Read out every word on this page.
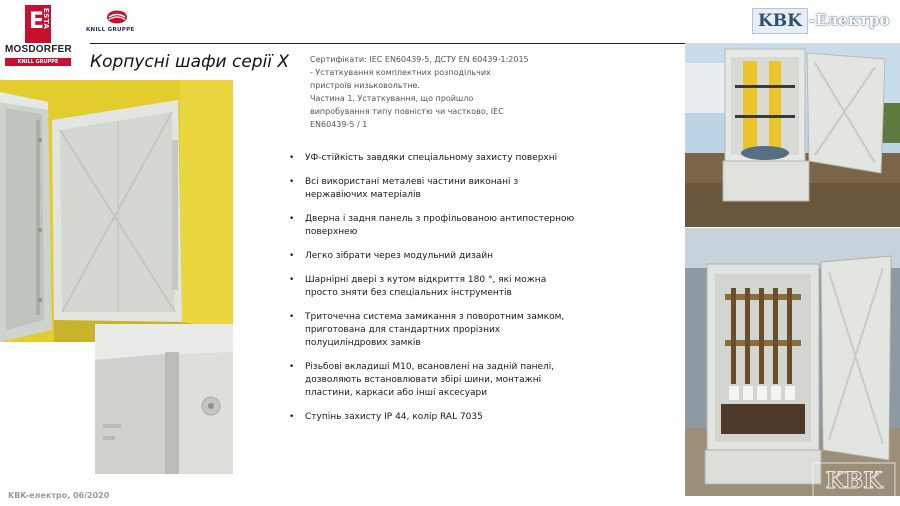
E
ESTA
MOSDORFER
KNILL GRUPPE
KNILL GRUPPE	KBK -Електро
Корпусні шафи серії X	Сертифікати: IEC EN60439-5, ДСТУ EN 60439-1:2015
- Устаткування комплектних розподільчих
пристроїв низьковольтне.
Частина 1. Устаткування, що пройшло
випробування типу повністю чи частково, IEC
EN60439-5 / 1
KBK
• УФ-стійкість завдяки спеціальному захисту поверхні
• Всі використані металеві частини виконані з нержавіючих матеріалів
• Дверна і задня панель з профільованою антипостерною поверхнею
• Легко зібрати через модульний дизайн
• Шарнірні двері з кутом відкриття 180 °, які можна просто зняти без спеціальних інструментів
• Триточечна система замикання з поворотним замком, приготована для стандартних прорізних полуциліндрових замків
• Різьбові вкладиші M10, всановлені на задній панелі, дозволяють встановлювати збірі шини, монтажні пластини, каркаси або інші аксесуари
• Ступінь захисту IP 44, колір RAL 7035
KBK-електро, 06/2020
